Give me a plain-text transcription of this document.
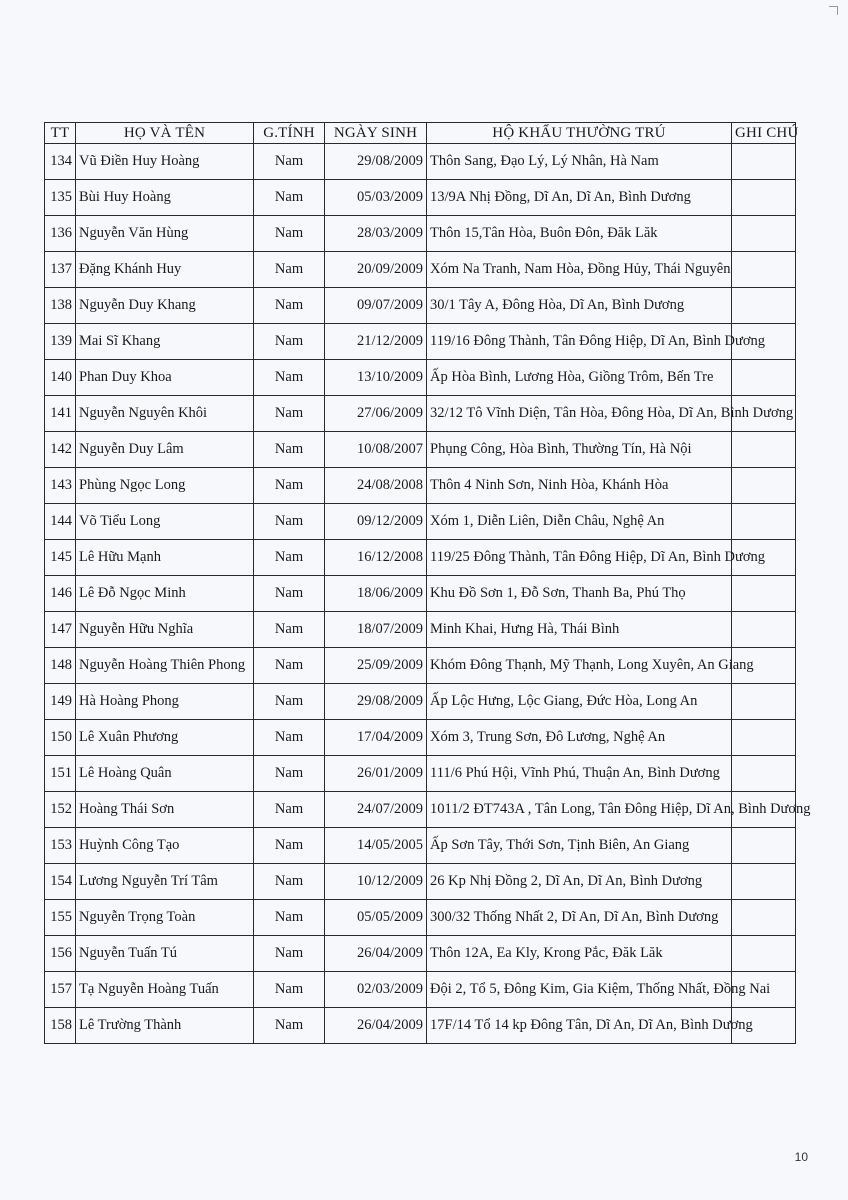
TT	HỌ VÀ TÊN	G.TÍNH	NGÀY SINH	HỘ KHẨU THƯỜNG TRÚ	GHI CHÚ
134	Vũ Điền Huy Hoàng	Nam	29/08/2009	Thôn Sang, Đạo Lý, Lý Nhân, Hà Nam	
135	Bùi Huy Hoàng	Nam	05/03/2009	13/9A Nhị Đồng, Dĩ An, Dĩ An, Bình Dương	
136	Nguyễn Văn Hùng	Nam	28/03/2009	Thôn 15,Tân Hòa, Buôn Đôn, Đăk Lăk	
137	Đặng Khánh Huy	Nam	20/09/2009	Xóm Na Tranh, Nam Hòa, Đồng Hủy, Thái Nguyên	
138	Nguyễn Duy Khang	Nam	09/07/2009	30/1 Tây A, Đông Hòa, Dĩ An, Bình Dương	
139	Mai Sĩ Khang	Nam	21/12/2009	119/16 Đông Thành, Tân Đông Hiệp, Dĩ An, Bình Dương	
140	Phan Duy Khoa	Nam	13/10/2009	Ấp Hòa Bình, Lương Hòa, Giồng Trôm, Bến Tre	
141	Nguyễn Nguyên Khôi	Nam	27/06/2009	32/12 Tô Vĩnh Diện, Tân Hòa, Đông Hòa, Dĩ An, Bình Dương	
142	Nguyễn Duy Lâm	Nam	10/08/2007	Phụng Công, Hòa Bình, Thường Tín, Hà Nội	
143	Phùng Ngọc Long	Nam	24/08/2008	Thôn 4 Ninh Sơn, Ninh Hòa, Khánh Hòa	
144	Võ Tiểu Long	Nam	09/12/2009	Xóm 1, Diễn Liên, Diễn Châu, Nghệ An	
145	Lê Hữu Mạnh	Nam	16/12/2008	119/25 Đông Thành, Tân Đông Hiệp, Dĩ An, Bình Dương	
146	Lê Đỗ Ngọc Minh	Nam	18/06/2009	Khu Đồ Sơn 1, Đỗ Sơn, Thanh Ba, Phú Thọ	
147	Nguyễn Hữu Nghĩa	Nam	18/07/2009	Minh Khai, Hưng Hà, Thái Bình	
148	Nguyễn Hoàng Thiên Phong	Nam	25/09/2009	Khóm Đông Thạnh, Mỹ Thạnh, Long Xuyên, An Giang	
149	Hà Hoàng Phong	Nam	29/08/2009	Ấp Lộc Hưng, Lộc Giang, Đức Hòa, Long An	
150	Lê Xuân Phương	Nam	17/04/2009	Xóm 3, Trung Sơn, Đô Lương, Nghệ An	
151	Lê Hoàng Quân	Nam	26/01/2009	111/6 Phú Hội, Vĩnh Phú, Thuận An, Bình Dương	
152	Hoàng Thái Sơn	Nam	24/07/2009	1011/2 ĐT743A , Tân Long, Tân Đông Hiệp, Dĩ An, Bình Dương	
153	Huỳnh Công Tạo	Nam	14/05/2005	Ấp Sơn Tây, Thới Sơn, Tịnh Biên, An Giang	
154	Lương Nguyễn Trí Tâm	Nam	10/12/2009	26 Kp Nhị Đồng 2, Dĩ An, Dĩ An, Bình Dương	
155	Nguyễn Trọng Toàn	Nam	05/05/2009	300/32 Thống Nhất 2, Dĩ An, Dĩ An, Bình Dương	
156	Nguyễn Tuấn Tú	Nam	26/04/2009	Thôn 12A, Ea Kly, Krong Pắc, Đăk Lăk	
157	Tạ Nguyễn Hoàng Tuấn	Nam	02/03/2009	Đội 2, Tổ 5, Đông Kim, Gia Kiệm, Thống Nhất, Đồng Nai	
158	Lê Trường Thành	Nam	26/04/2009	17F/14 Tổ 14 kp Đông Tân, Dĩ An, Dĩ An, Bình Dương	
10
